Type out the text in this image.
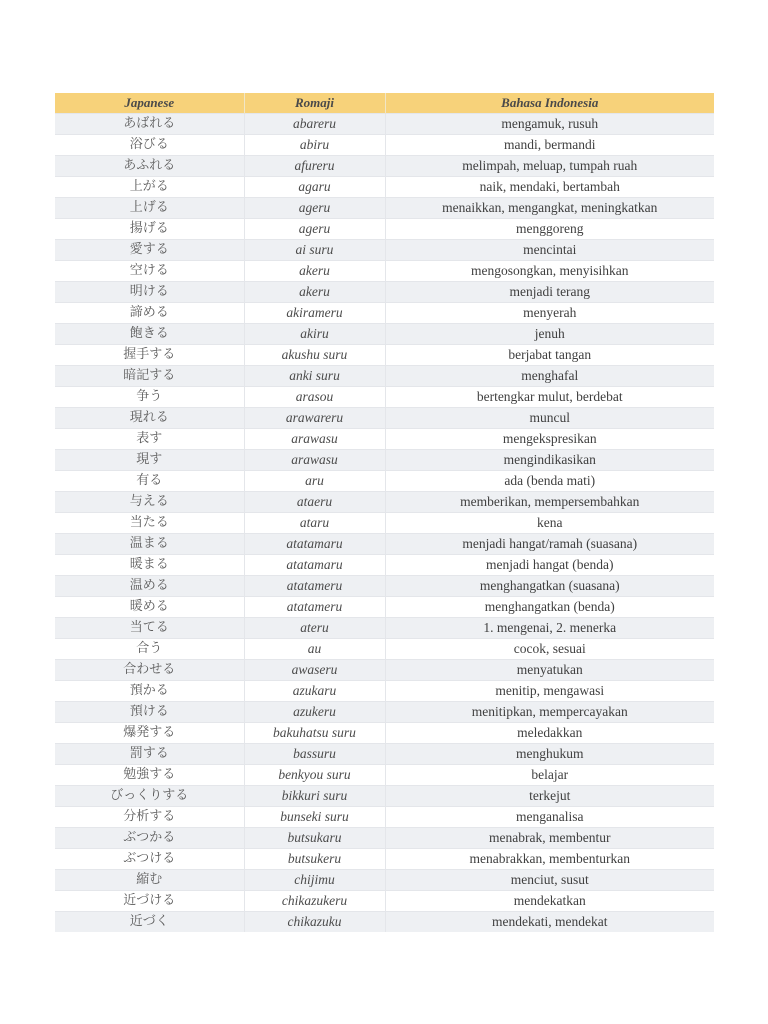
Japanese	Romaji	Bahasa Indonesia
あばれる	abareru	mengamuk, rusuh
浴びる	abiru	mandi, bermandi
あふれる	afureru	melimpah, meluap, tumpah ruah
上がる	agaru	naik, mendaki, bertambah
上げる	ageru	menaikkan, mengangkat, meningkatkan
揚げる	ageru	menggoreng
愛する	ai suru	mencintai
空ける	akeru	mengosongkan, menyisihkan
明ける	akeru	menjadi terang
諦める	akirameru	menyerah
飽きる	akiru	jenuh
握手する	akushu suru	berjabat tangan
暗記する	anki suru	menghafal
争う	arasou	bertengkar mulut, berdebat
現れる	arawareru	muncul
表す	arawasu	mengekspresikan
現す	arawasu	mengindikasikan
有る	aru	ada (benda mati)
与える	ataeru	memberikan, mempersembahkan
当たる	ataru	kena
温まる	atatamaru	menjadi hangat/ramah (suasana)
暖まる	atatamaru	menjadi hangat (benda)
温める	atatameru	menghangatkan (suasana)
暖める	atatameru	menghangatkan (benda)
当てる	ateru	1. mengenai, 2. menerka
合う	au	cocok, sesuai
合わせる	awaseru	menyatukan
預かる	azukaru	menitip, mengawasi
預ける	azukeru	menitipkan, mempercayakan
爆発する	bakuhatsu suru	meledakkan
罰する	bassuru	menghukum
勉強する	benkyou suru	belajar
びっくりする	bikkuri suru	terkejut
分析する	bunseki suru	menganalisa
ぶつかる	butsukaru	menabrak, membentur
ぶつける	butsukeru	menabrakkan, membenturkan
縮む	chijimu	menciut, susut
近づける	chikazukeru	mendekatkan
近づく	chikazuku	mendekati, mendekat
